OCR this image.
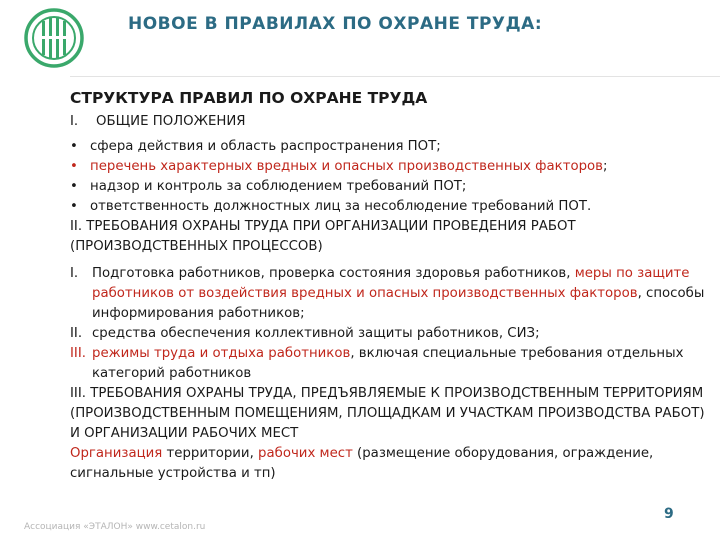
НОВОЕ В ПРАВИЛАХ ПО ОХРАНЕ ТРУДА:
СТРУКТУРА ПРАВИЛ ПО ОХРАНЕ ТРУДА
I. ОБЩИЕ ПОЛОЖЕНИЯ
• сфера действия и область распространения ПОТ;
• перечень характерных вредных и опасных производственных факторов;
• надзор и контроль за соблюдением требований ПОТ;
• ответственность должностных лиц за несоблюдение требований ПОТ.
II. ТРЕБОВАНИЯ ОХРАНЫ ТРУДА ПРИ ОРГАНИЗАЦИИ ПРОВЕДЕНИЯ РАБОТ (ПРОИЗВОДСТВЕННЫХ ПРОЦЕССОВ)
I. Подготовка работников, проверка состояния здоровья работников, меры по защите работников от воздействия вредных и опасных производственных факторов, способы информирования работников;
II. средства обеспечения коллективной защиты работников, СИЗ;
III. режимы труда и отдыха работников, включая специальные требования отдельных категорий работников
III. ТРЕБОВАНИЯ ОХРАНЫ ТРУДА, ПРЕДЪЯВЛЯЕМЫЕ К ПРОИЗВОДСТВЕННЫМ ТЕРРИТОРИЯМ (ПРОИЗВОДСТВЕННЫМ ПОМЕЩЕНИЯМ, ПЛОЩАДКАМ И УЧАСТКАМ ПРОИЗВОДСТВА РАБОТ) И ОРГАНИЗАЦИИ РАБОЧИХ МЕСТ
Организация территории, рабочих мест (размещение оборудования, ограждение, сигнальные устройства и тп)
Ассоциация «ЭТАЛОН» www.cetalon.ru
9
